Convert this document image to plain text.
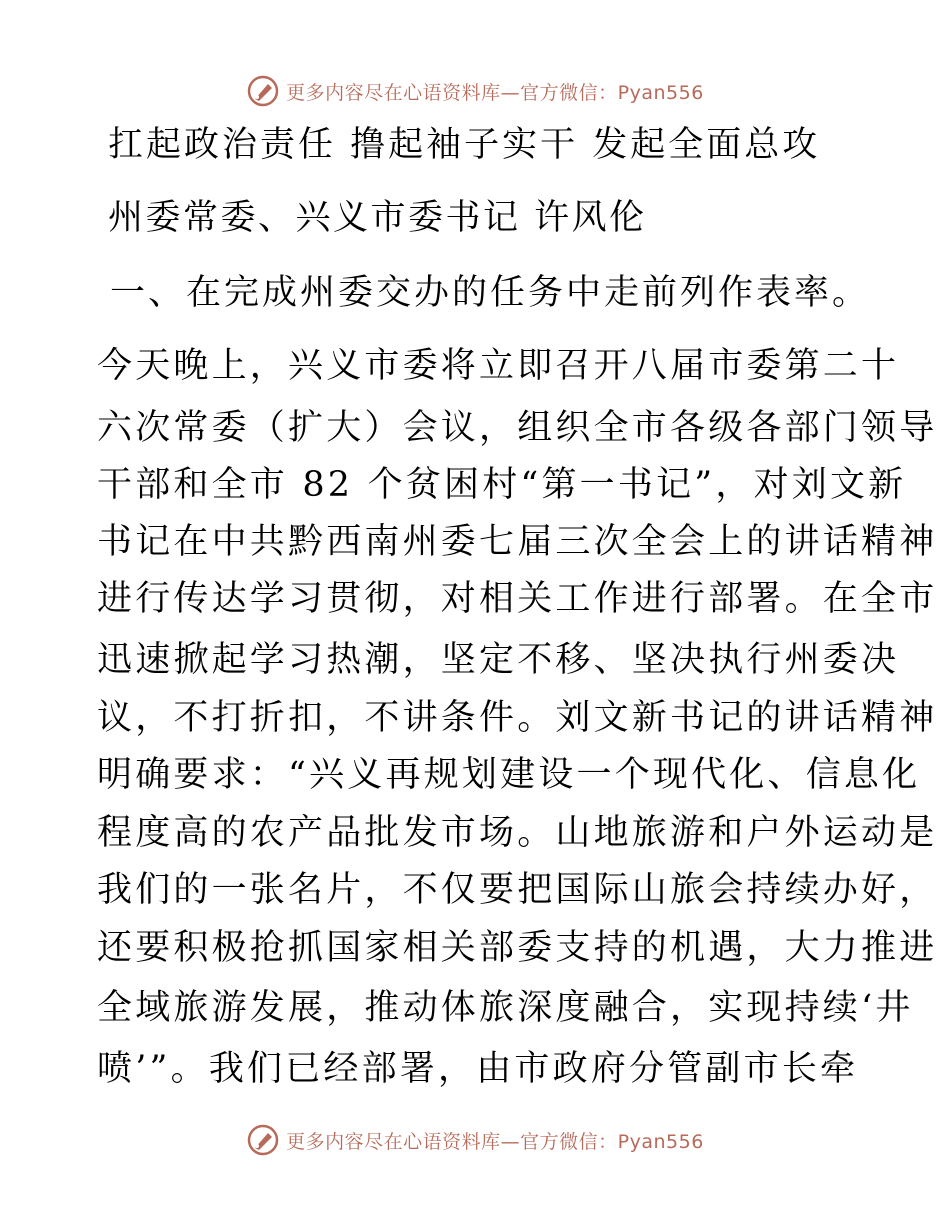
更多内容尽在心语资料库—官方微信：Pyan556
扛起政治责任 撸起袖子实干 发起全面总攻
州委常委、兴义市委书记 许风伦
一、在完成州委交办的任务中走前列作表率。
今天晚上，兴义市委将立即召开八届市委第二十
六次常委（扩大）会议，组织全市各级各部门领导
干部和全市 82 个贫困村“第一书记”，对刘文新
书记在中共黔西南州委七届三次全会上的讲话精神
进行传达学习贯彻，对相关工作进行部署。在全市
迅速掀起学习热潮，坚定不移、坚决执行州委决
议，不打折扣，不讲条件。刘文新书记的讲话精神
明确要求：“兴义再规划建设一个现代化、信息化
程度高的农产品批发市场。山地旅游和户外运动是
我们的一张名片，不仅要把国际山旅会持续办好，
还要积极抢抓国家相关部委支持的机遇，大力推进
全域旅游发展，推动体旅深度融合，实现持续‘井
喷’”。我们已经部署，由市政府分管副市长牵
更多内容尽在心语资料库—官方微信：Pyan556
